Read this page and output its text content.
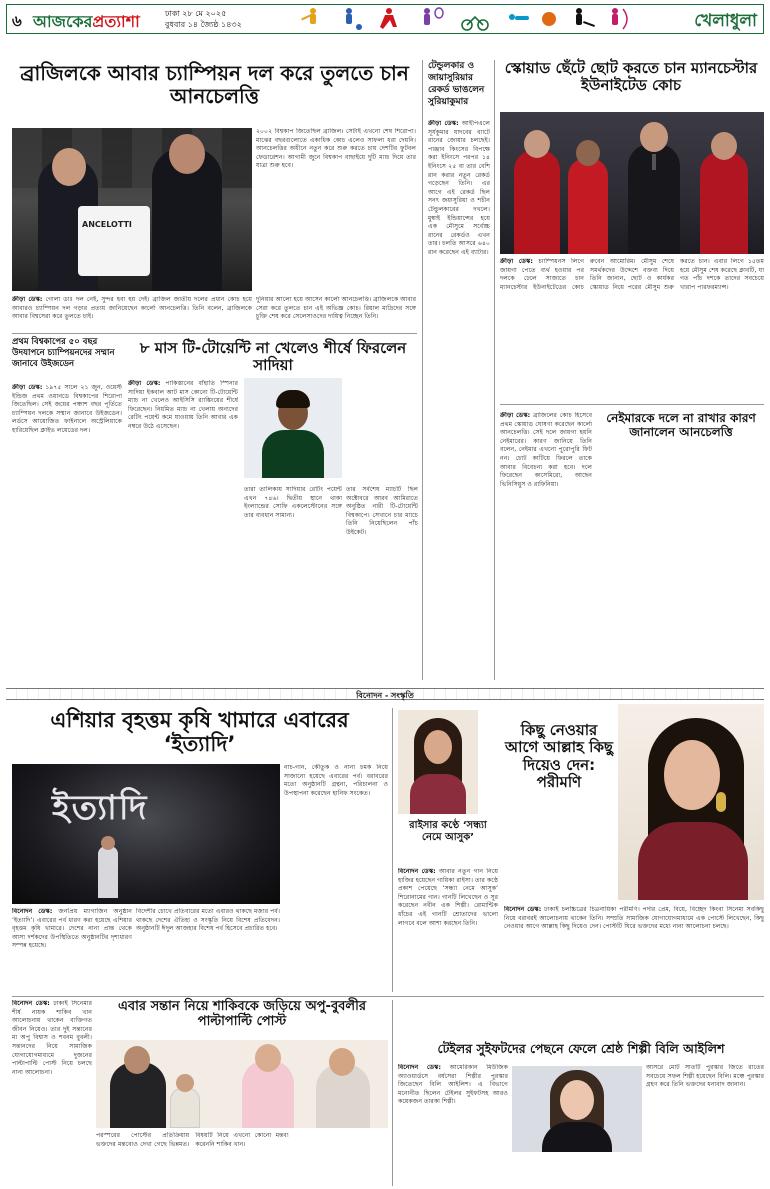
৬ আজকেরপ্রত্যাশা	ঢাকা ২৮ মে ২০২৫
বুধবার ১৪ জ্যৈষ্ঠ ১৪৩২	খেলাধুলা
ব্রাজিলকে আবার চ্যাম্পিয়ন দল করে তুলতে চান আনচেলত্তি
ANCELOTTI
ক্রীড়া ডেস্ক: গোলা ডাঃ দল নেই, সুন্দর হবা হয় দেই। ব্রাজিল জাতীয় দলের প্রধান কোচ হয়ে আবারও চ্যাম্পিয়ন দল গড়ার প্রত্যয় জানিয়েছেন কার্লো আনচেলত্তি। তিনি বলেন, ব্রাজিলকে আবার বিশ্বসেরা করে তুলতে চাই।
দুনিয়ার আলো হয়ে আসেন কার্লো আনচেলত্তি। ব্রাজিলকে আবার সেরা করে তুলতে চান এই অভিজ্ঞ কোচ। রিয়াল মাদ্রিদের সঙ্গে চুক্তি শেষ করে সেলেসাওদের দায়িত্ব নিচ্ছেন তিনি।
২০০২ বিশ্বকাপ জিতেছিল ব্রাজিল। সেটাই এখনো শেষ শিরোপা। মাঝের বছরগুলোতে একাধিক কোচ এলেও সাফল্য ধরা দেয়নি। আনচেলত্তির অধীনে নতুন করে শুরু করতে চায় দেশটির ফুটবল ফেডারেশন। আগামী জুনে বিশ্বকাপ বাছাইয়ে দুটি ম্যাচ দিয়ে তার যাত্রা শুরু হবে।
প্রথম বিশ্বকাপের ৫০ বছর উদযাপনে চ্যাম্পিয়নদের সম্মান জানাবে উইজডেন
ক্রীড়া ডেস্ক: ১৯৭৫ সালে ২১ জুন, ওয়েস্ট ইন্ডিজ প্রথম ওয়ানডে বিশ্বকাপের শিরোপা জিতেছিল। সেই জয়ের পঞ্চাশ বছর পূর্তিতে চ্যাম্পিয়ন দলকে সম্মান জানাবে উইজডেন। লর্ডসে আয়োজিত ফাইনালে অস্ট্রেলিয়াকে হারিয়েছিল ক্লাইভ লয়েডের দল।
৮ মাস টি-টোয়েন্টি না খেলেও শীর্ষে ফিরলেন সাদিয়া
ক্রীড়া ডেস্ক: পাকিস্তানের বাঁহাতি স্পিনার সাদিয়া ইকবাল আট মাস কোনো টি-টোয়েন্টি ম্যাচ না খেলেও আইসিসি র‍্যাঙ্কিংয়ের শীর্ষে ফিরেছেন। নিয়মিত ম্যাচ না খেলায় অন্যদের রেটিং পয়েন্ট কমে যাওয়ায় তিনি আবার এক নম্বরে উঠে এসেছেন।
তারা তালিকায় সাদিয়ার রেটিং পয়েন্ট এখন ৭৪৬। দ্বিতীয় স্থানে থাকা ইংল্যান্ডের সোফি একলেস্টোনের সঙ্গে তার ব্যবধান সামান্য।
তার সর্বশেষ ম্যাচটি ছিল অক্টোবরে আরব আমিরাতে অনুষ্ঠিত নারী টি-টোয়েন্টি বিশ্বকাপে। সেখানে চার ম্যাচে তিনি নিয়েছিলেন পাঁচ উইকেট।
টেন্ডুলকার ও জায়াসুরিয়ার রেকর্ড ভাঙলেন সুরিয়াকুমার
ক্রীড়া ডেস্ক: আইপিএলে সূর্যকুমার যাদবের ব্যাটে রানের জোয়ার চলছেই। পাঞ্জাব কিংসের বিপক্ষে করা ইনিংসে পরপর ১৪ ইনিংসে ২৫ বা তার বেশি রান করার নতুন রেকর্ড গড়েছেন তিনি। এর আগে এই রেকর্ড ছিল সনৎ জয়াসুরিয়া ও শচীন টেন্ডুলকারের দখলে। মুম্বাই ইন্ডিয়ান্সের হয়ে এক মৌসুমে সর্বোচ্চ রানের রেকর্ডও এখন তার। চলতি আসরে ৬৪০ রান করেছেন এই ব্যাটার।
স্কোয়াড ছেঁটে ছোট করতে চান ম্যানচেস্টার ইউনাইটেড কোচ
ক্রীড়া ডেস্ক: চ্যাম্পিয়নস লিগে জায়গা পেতে ব্যর্থ হওয়ার পর দলকে ঢেলে সাজাতে চান ম্যানচেস্টার ইউনাইটেডের কোচ রুবেন আমোরিম। মৌসুম শেষে সমর্থকদের উদ্দেশে বক্তব্য দিয়ে তিনি জানান, ছোট ও কার্যকর স্কোয়াড নিয়ে পরের মৌসুম শুরু করতে চান। এবার লিগে ১৫তম হয়ে মৌসুম শেষ করেছে ক্লাবটি, যা গত পাঁচ দশকে তাদের সবচেয়ে খারাপ পারফরম্যান্স।
নেইমারকে দলে না রাখার কারণ জানালেন আনচেলত্তি
ক্রীড়া ডেস্ক: ব্রাজিলের কোচ হিসেবে প্রথম স্কোয়াড ঘোষণা করেছেন কার্লো আনচেলত্তি। সেই দলে জায়গা হয়নি নেইমারের। কারণ জানিয়ে তিনি বলেন, নেইমার এখনো পুরোপুরি ফিট নন। চোট কাটিয়ে ফিরলে তাকে আবার বিবেচনা করা হবে। দলে ফিরেছেন কাসেমিরো, আছেন ভিনিসিয়ুস ও রাফিনিয়া।
বিনোদন - সংস্কৃতি
এশিয়ার বৃহত্তম কৃষি খামারে এবারের ‘ইত্যাদি’
ইত্যাদি
বিনোদন ডেস্ক: জনপ্রিয় ম্যাগাজিন অনুষ্ঠান ‘ইত্যাদি’। এবারের পর্ব ধারণ করা হয়েছে এশিয়ার বৃহত্তম কৃষি খামারে। দেশের নানা প্রান্ত থেকে আসা দর্শকদের উপস্থিতিতে অনুষ্ঠানটির দৃশ্যধারণ সম্পন্ন হয়েছে।
বিদেশীর চোখে প্রতিবারের মতো এবারও থাকছে মজার পর্ব। থাকছে দেশের ঐতিহ্য ও সংস্কৃতি নিয়ে বিশেষ প্রতিবেদন। অনুষ্ঠানটি ঈদুল আজহার বিশেষ পর্ব হিসেবে প্রচারিত হবে।
নাচ-গান, কৌতুক ও নানা চমক নিয়ে সাজানো হয়েছে এবারের পর্ব। বরাবরের মতো অনুষ্ঠানটি গ্রন্থনা, পরিচালনা ও উপস্থাপনা করেছেন হানিফ সংকেত।
রাইসার কণ্ঠে ‘সন্ধ্যা নেমে আসুক’
বিনোদন ডেস্ক: আবার নতুন গান নিয়ে হাজির হয়েছেন গায়িকা রাইসা। তার কণ্ঠে প্রকাশ পেয়েছে ‘সন্ধ্যা নেমে আসুক’ শিরোনামের গান। গানটি লিখেছেন ও সুর করেছেন নবীন এক শিল্পী। রোমান্টিক ধাঁচের এই গানটি শ্রোতাদের ভালো লাগবে বলে আশা করছেন তিনি।
কিছু নেওয়ার আগে আল্লাহ কিছু দিয়েও দেন: পরীমণি
বিনোদন ডেস্ক: ঢাকাই চলচ্চিত্রের চিত্রনায়িকা পরীমণি। পর্দার প্রেম, বিয়ে, বিচ্ছেদ কিংবা সিনেমা সবকিছু নিয়ে বরাবরই আলোচনায় থাকেন তিনি। সম্প্রতি সামাজিক যোগাযোগমাধ্যমে এক পোস্টে লিখেছেন, কিছু নেওয়ার আগে আল্লাহ কিছু দিয়েও দেন। পোস্টটি ঘিরে ভক্তদের মধ্যে নানা আলোচনা চলছে।
এবার সন্তান নিয়ে শাকিবকে জড়িয়ে অপু-বুবলীর পাল্টাপাল্টি পোস্ট
বিনোদন ডেস্ক: ঢাকাই সিনেমার শীর্ষ নায়ক শাকিব খান আলোচনায় থাকেন ব্যক্তিগত জীবন নিয়েও। তার দুই সন্তানের মা অপু বিশ্বাস ও শবনম বুবলী। সন্তানদের নিয়ে সামাজিক যোগাযোগমাধ্যমে দুজনের পাল্টাপাল্টি পোস্ট নিয়ে চলছে নানা আলোচনা।
পরস্পরের পোস্টের প্রতিক্রিয়ায় ভক্তদের মন্তব্যেও দেখা গেছে ভিন্নমত। বিষয়টি নিয়ে এখনো কোনো মন্তব্য করেননি শাকিব খান।
টেইলর সুইফটদের পেছনে ফেলে শ্রেষ্ঠ শিল্পী বিলি আইলিশ
বিনোদন ডেস্ক: আমেরিকান মিউজিক অ্যাওয়ার্ডসে বর্ষসেরা শিল্পীর পুরস্কার জিতেছেন বিলি আইলিশ। এ বিভাগে মনোনীত ছিলেন টেইলর সুইফটসহ আরও কয়েকজন তারকা শিল্পী।
আসরে মোট সাতটি পুরস্কার জিতে রাতের সবচেয়ে সফল শিল্পী হয়েছেন বিলি। মঞ্চে পুরস্কার গ্রহণ করে তিনি ভক্তদের ধন্যবাদ জানান।
